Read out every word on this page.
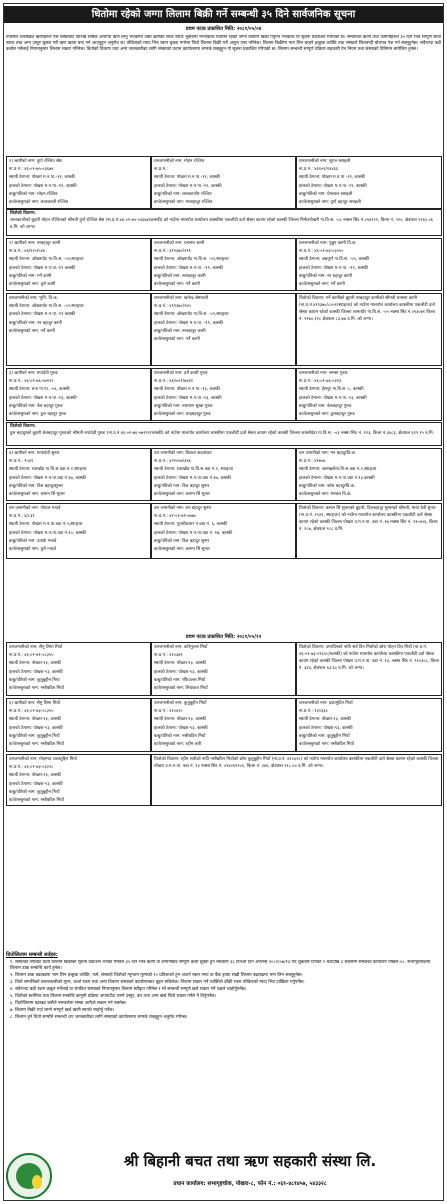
धितोमा रहेको जग्गा लिलाम बिक्री गर्ने सम्बन्धी ३५ दिने सार्वजनिक सूचना
प्रथम पटक प्रकाशित मिति: २०८१/०५/०४
तपसिल उल्लेखित ऋणीहरुले यस संस्थाबाट विभिन्न शीर्षक अन्तर्गत ऋण लिनु भएकोमा उक्त ऋणको साँवा ब्याज भुक्तानी नभएकाले धितोमा रहेको जग्गा लिलाम बिक्री गर्नुपर्ने भएकाले यो सूचना प्रकाशित गरिएको छ। सम्बन्धित ऋणी तथा जमानीहरुले ३५ दिन भित्र सम्पूर्ण साँवा ब्याज तथा अन्य दस्तुर चुक्ता गरी ऋण खाता बन्द गर्न आउनुहुन अनुरोध छ। तोकिएको म्याद भित्र रकम चुक्ता नगरेमा धितो लिलाम बिक्री गरी असुल उपर गरिनेछ। लिलाम बिक्रीमा भाग लिन चाहने इच्छुक व्यक्ति तथा संस्थाले सिलबन्दी बोलपत्र पेश गर्न सक्नुहुनेछ। सबैभन्दा बढी कबोल गर्नेलाई नियमानुसार लिलाम सकार गरिनेछ। धितोको विवरण तथा अन्य जानकारीका लागि संस्थाको प्रधान कार्यालयमा सम्पर्क राख्नुहुन यो सूचना प्रकाशित गरिएको छ। लिलाम सम्बन्धी सम्पूर्ण प्रक्रिया सहकारी ऐन नियम तथा संस्थाको विनियम बमोजिम हुनेछ।
प्रथम पटक प्रकाशित मिति: २०८१/०५/१२
१) ऋणीको नाम: दुर्गा रञ्जित श्रेष्ठ
ना.प्र.नं.: ४६-०१-७५-०३६७४
स्थायी ठेगाना: पोखरा म.न.पा.-११, कास्की
हालको ठेगाना: पोखरा म.न.पा.-११, कास्की
बाबु/पतिको नाम: मोहन रञ्जित
बाजे/ससुराको नाम: लालकाजी रञ्जित
धनजमानीको नाम: मोहन रञ्जित
ना.प्र.नं.:
स्थायी ठेगाना: पोखरा म.न.पा.-११, कास्की
हालको ठेगाना: पोखरा म.न.पा.-११, कास्की
बाबु/पतिको नाम: लालकाजीर रञ्जित
बाजे/ससुराको नाम: मनबहादुर रञ्जित
धनजमानीको नाम: सुरज रसाइली
ना.प्र.नं.: ४६१०१/१४४३३
स्थायी ठेगाना: पोखरा म.न.पा.-२९, कास्की
हालको ठेगाना: पोखरा म.न.पा.-२९, कास्की
बाबु/पतिको नाम: प्रेमलाल रसाइली
बाजे/ससुराको नाम: दुर्गा बहादुर रसाइली
धितोको विवरण:
लालकाजीको बुहारी मोहन रञ्जितको श्रीमती दुर्गा रञ्जित श्रेष्ठ (ना.प्र.नं.४६-०१-७५-०३६७४/कास्की) को नाउँमा मालपोत कार्यालय कास्कीमा एकलौटी दर्ता श्रेस्ता कायम रहेको कास्की जिल्ला निर्मलपोखरी गा.वि.स. -०८ नक्सा सिट नं.०९४१२१, कित्ता नं. ५१०, क्षेत्रफल १२६५.०६ व.मि. को जग्गा।
२) ऋणीको नाम: नरबहादुर कामी
ना.प्र.नं.: ४६/१२०/५४४
स्थायी ठेगाना: ओखरपोट गा.वि.स. -०२,स्याङ्जा
हालको ठेगाना: पोखरा म.न.पा.-१९ कास्की
बाबु/पतिको नाम: गर्ने कामी
बाजे/ससुराको नाम: तुले कामी
धनजमानीको नाम: धनसरा कामी
ना.प्र.नं.: ४१९३७०/१९९
स्थायी ठेगाना: ओखरपोट गा.वि.स. -०२,स्याङ्जा
हालको ठेगाना: पोखरा म.न.पा. -१९, कास्की
बाबु/पतिको नाम: नरबहादुर कामी
बाजे/ससुराको नाम: गर्ने कामी
धनजमानीको नाम: पुन्नुप कामी वि.क.
ना.प्र.नं.: ४६-०१-७३-०३०५०
स्थायी ठेगाना: अन्नपूर्ण गा.वि.स. -०५, कास्की
हालको ठेगाना: पोखरा म.न.पा. -१९, कास्की
बाबु/पतिको नाम: नर बहादुर कामी
बाजे/ससुराको नाम: गर्ने कामी
धनजमानीको नाम: भुमि. वि.क.
स्थायी ठेगाना: ओखरपोट गा.वि.स. -०२,स्याङ्जा
हालको ठेगाना: पोखरा म.न.पा.-१९ कास्की
बाबु/पतिको नाम: नर बहादुर कामी
बाजे/ससुराको नाम: गर्ने कामी
धनजमानीको नाम: खगेन्द्र श्रेष्ठपाली
ना.प्र.नं.: ४१९३७०/१४५
स्थायी ठेगाना: ओखरपोट गा.वि.स. -०२,स्याङ्जा
हालको ठेगाना: पोखरा म.न.पा. -१९, कास्की
बाबु/पतिको नाम: नरबहादुर कामी
बाजे/ससुराको नाम: गर्ने कामी
धितोको विवरण: गर्ने कामीको बुहारी नरबहादुर कामीको श्रीमती धनसरा कामी (ना.प्र.नं.४१९३७०/८०५१/स्याङ्जा) को नाउँमा मालपोत कार्यालय कास्कीमा एकलौटी दर्ता श्रेस्ता कायम रहेको कास्की जिल्ला लामाचौर गा.वि.स. -०५ नक्सा सिट नं.०९३०७१ कित्ता नं. ११७०,११८ क्षेत्रफल ८३.७७ व.मि. को जग्गा।
३) ऋणीको नाम: रुपादेवी गुरुङ
ना.प्र.नं.: ४६-०१-७६-०७९९२
स्थायी ठेगाना: रुपा गा.पा. -०६, कास्की
हालको ठेगाना: पोखरा म.न.पा.-१३, कास्की
बाबु/पतिको नाम: बेल बहादुर गुरुङ
बाजे/ससुराको नाम: ठुल बहादुर गुरुङ
धनजमानीको नाम: हर्ष कासी गुरुङ
ना.प्र.नं.: ४६१००१/७४३१
स्थायी ठेगाना: पोखरा म.न.पा.-१३, कास्की
हालको ठेगाना: पोखरा म.न.पा.-१३, कास्की
बाबु/पतिको नाम: नारायण सुब्बा गुरुङ
बाजे/ससुराको नाम: चन्द्रबहादुर गुरुङ
धनजमानीको नाम: समसा गुरुङ
ना.प्र.नं.: ४६-०१-७६-०३१३
स्थायी ठेगाना: हँसपुर गा.वि.स -८, कास्की
हालको ठेगाना: पोखरा म.न.पा.-१३, कास्की
बाबु/पतिको नाम: बेलबहादुर गुरुङ
बाजे/ससुराको नाम: ठुलबहादुर गुरुङ
धितोको विवरण:
ठुल बहादुरको बुहारी बेलबहादुर गुरुङको श्रीमती रुपादेवी गुरुङ (ना.प्र.नं.४६-०१-७६-०७९९२/कास्की) को नाउँमा मालपोत कार्यालय कास्कीमा एकलौटी दर्ता श्रेस्ता कायम रहेको कास्की जिल्ला कफ्लोडेडा गा.वि.स. -०३ नक्सा सिट नं. १२३, कित्ता नं.३४८३, क्षेत्रफल ६२९.१५ व.मि.
४) ऋणीको नाम: मायादेवी सुनार
ना.प्र.नं.: १५३९
स्थायी ठेगाना: राङखोड गा.वि.स.वडा नं.२,स्याङ्जा
हालको ठेगाना: पोखरा म.न.पा.वडा नं.१७, कास्की
बाबु/पतिको नाम: डिल बहादुरसुनार
बाजे/ससुराको नाम: कमान सिं सुनार
धन जमानीको नाम: बिशाल सदाशंकर
ना.प्र.नं.: ४२१००७/३४६
स्थायी ठेगाना: राङखोड गा.वि.स.वडा नं.२, स्याङ्जा
हालको ठेगाना: पोखरा म.न.पा.वडा नं.१७, कास्की
बाबु/पतिको नाम: डिल बहादुर सुनार
बाजे/ससुराको नाम: कमान सिं सुनार
धन जमानीको नाम: मन बहादुरवि.क.
ना.प्र.नं.: ४१७०७
स्थायी ठेगाना: आरुखर्कंगा.वि.स.वडा नं.२,स्याङ्जा
हालको ठेगाना: पोखरा म.न.पा.वडा नं.१३,कास्की
बाबु/पतिको नाम: कोश बहादुरवि.क.
बाजे/ससुराको नाम: मनबल वि.क.
धन जमानीको नाम: गोपाल गन्धर्व
ना.प्र.नं.: ४/८३९
स्थायी ठेगाना: पोखरा म.न.पा.वडा नं.५,स्याङ्जा
हालको ठेगाना: पोखरा म.न.पा.वडा नं.१०, कास्की
बाबु/पतिको नाम: दयाके गन्धर्व
बाजे/ससुराको नाम: तुले गन्धर्व
धन जमानीको नाम: धन बहादुर सुनार
ना.प्र.नं.: ४१-०१-७१-०७७०
स्थायी ठेगाना: पुतलीबजार नं.वडा नं. ६, कास्की
हालको ठेगाना: पोखरा म.न.पा.वडा नं. १७, कास्की
बाबु/पतिको नाम: डिल बहादुर सुनार
बाजे/ससुराको नाम: कमान सिं सुनार
धितोको विवरण: कमान सिं सुनारको बुहारी, डिलबहादुर सुनारको श्रीमती, माया देवी सुनार (ना.प्र.नं. १५३९, स्याङ्जा) को नाउँमा मालपोत कार्यालय कास्कीमा एकलौटी दर्ता श्रेस्ता कायम रहेको कास्की जिल्ला पोखरा उ.म.न.पा. वडा नं. १७ नक्सा सिट नं. ९१०४०६, कित्ता नं. १८७, क्षेत्रफल १८८ व.मि.
धनजमानीको नाम: सैमु लिमा मिर्या
ना.प्र.नं.: ४६-०१-७१-०८३५०
स्थायी ठेगाना: पोखरा-१३, कास्की
हालको ठेगाना: पोखरा-१३, कास्की
बाबु/पतिको नाम: कुतुबुद्दीन मिया
बाजे/ससुराको नाम: नसीबदिन मियाँ
धनजमानीको नाम: करिमुल्ला मियाँ
ना.प्र.नं.: ४१०३७९
स्थायी ठेगाना: पोखरा-१३, कास्की
हालको ठेगाना: पोखरा-१३, कास्की
बाबु/पतिको नाम: रफिउल्ला मियाँ
बाजे/ससुराको नाम: लियाकत मियाँ
धितोको विवरण: उमरदिनको नाति सर्व दिन मियाँको छोरा मोहन दिन मियाँ (ना.प्र.नं. ४६-०१-७३-०९६२८/कास्की) को नाउँमा मालपोत कार्यालय कास्कीमा एकलौटी दर्ता श्रेस्ता कायम रहेको कास्की जिल्ला पोखरा उ.म.न.पा. वडा नं. १३, नक्सा सिट नं. ९१०३०८, कित्ता नं. ३४३, क्षेत्रफल ६३.६० व.मि. को जग्गा।
६) ऋणीको नाम: सैमु लिमा मियाँ
ना.प्र.नं.: ४६-०१-७३-०८३५०
स्थायी ठेगाना: पोखरा-१३, कास्की
हालको ठेगाना: पोखरा-१३, कास्की
बाबु/पतिको नाम: कुतुबुद्दीन मियाँ
बाजे/ससुराको नाम: नसीबदिन मियाँ
धनजमानीको नाम: कुतुबुद्दीन मियाँ
ना.प्र.नं.: ४१०६२०
स्थायी ठेगाना: पोखरा-१३, कास्की
हालको ठेगाना: पोखरा-१३, कास्की
बाबु/पतिको नाम: नसीबदिन मियाँ
बाजे/ससुराको नाम: रहीम लती
धनजमानीको नाम: इकामुदिन मियाँ
ना.प्र.नं.: १३२३३३
स्थायी ठेगाना: पोखरा-१३, कास्की
हालको ठेगाना: पोखरा-१३, कास्की
बाबु/पतिको नाम: कुतुबुद्दीन मियाँ
बाजे/ससुराको नाम: नसीबदिन मियाँ
धनजमानीको नाम: मोहम्मद जलालुद्दिन मियाँ
ना.प्र.नं.: ४६-०१-७३-०३०२८
स्थायी ठेगाना: पोखरा-१३, कास्की
हालको ठेगाना: पोखरा-१३, कास्की
बाबु/पतिको नाम: कुतुबुद्दीन मियाँ
बाजे/ससुराको नाम: नसीबदिन मियाँ
धितोको विवरण: रहीम लतीको नाति नसीबदिन मियाँको छोरा कुतुबुद्दीन मियाँ (ना.प्र.नं. ४१०६२०) को नाउँमा मालपोत कार्यालय कास्कीमा एकलौटी दर्ता श्रेस्ता कायम रहेको कास्की जिल्ला पोखरा उ.म.न.पा. वडा नं. १३ नक्सा सिट नं. ०९४०९२२०१, कित्ता नं. ३४४, क्षेत्रफल ११८.०० व.मि. को जग्गा।
धितोलिलाम सम्बन्धी शर्तहरु:
१. संस्थाको तर्फबाट धितो लिलाम बिक्रीको सूचना प्रकाशन भएको मितिले ३५ दिन भित्र ऋणी वा जमानीबाट सम्पूर्ण कर्जा चुक्ता हुन नसकेमा ३६ दिनऔं दिन अपरान्ह २०८१/०७/१३ गते शुक्रबार दिनको १ बजेदेखि ३ बजेसम्म संस्थाको कार्यालय पोखरा-०८, सभागृहचोकमा लिलाम डाक सम्बन्धि कार्य हुनेछ।
२. लिलाम डाक बढाबढमा भाग लिन इच्छुक व्यक्ति, फर्म, संस्थाले धितोको न्यूनतम मूल्यको १० प्रतिशतले हुन आउने रकम नगद वा बैंक ड्राफ्ट राखी लिलाम बढाबढमा भाग लिन सक्नुहुनेछ।
३. धितो सम्पत्तिको चलनचल्तीको मूल्य, कर्जा रकम तथा अन्य विवरण संस्थाको कार्यालयबाट बुझ्न सकिनेछ। लिलाम सकार गर्ने व्यक्तिले बाँकी रकम तोकिएको म्याद भित्र दाखिला गर्नुपर्नेछ।
४. सबैभन्दा बढी रकम कबुल गर्नेलाई वा संगठित संस्थाको नियमानुसार लिलाम स्वीकृत गरिनेछ र सो सम्बन्धी सम्पूर्ण खर्च सकार गर्ने पक्षले व्यहोर्नुपर्नेछ।
५. धितोको स्वामित्व तथा लिलाम सम्बन्धि कानुनी प्रक्रिया अपनाउँदा लाग्ने दस्तुर, कर तथा अन्य खर्च धितो सकार गर्नेले नै तिर्नुपर्नेछ।
६. धितोलिलाम बढाबढ कसैले नसकारेमा संस्था आफैले सकार गर्न सक्नेछ।
७. लिलाम बिक्री गर्दा लाग्ने सम्पूर्ण खर्च ऋणी स्वयंले ब्यहोर्नु पर्नेछ।
८. लिलाम हुने धितो सम्पत्ति सम्बन्धी थप जानकारीका लागि संस्थाको कार्यालयमा सम्पर्क राख्नुहुन अनुरोध गरिन्छ।
श्री बिहानी बचत तथा ऋण सहकारी संस्था लि.
प्रधान कार्यालय: सभागृहचोक, पोखरा-८, फोन नं.: ०६१-४८१४५७, ५४३३२८
